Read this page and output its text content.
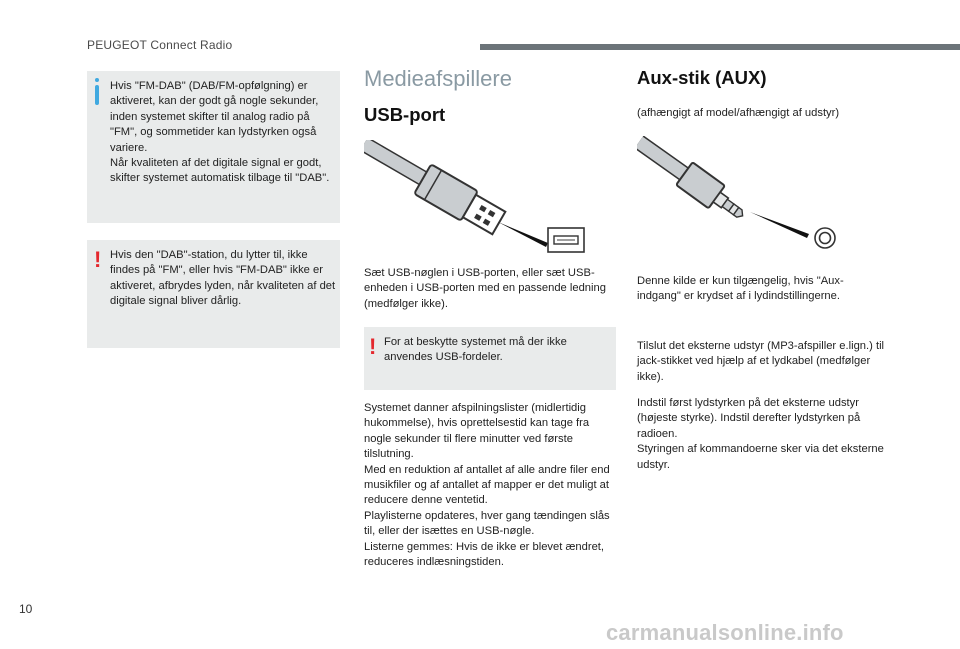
PEUGEOT Connect Radio

Hvis "FM-DAB" (DAB/FM-opfølgning) er aktiveret, kan der godt gå nogle sekunder, inden systemet skifter til analog radio på "FM", og sommetider kan lydstyrken også variere.
Når kvaliteten af det digitale signal er godt, skifter systemet automatisk tilbage til "DAB".

! Hvis den "DAB"-station, du lytter til, ikke findes på "FM", eller hvis "FM-DAB" ikke er aktiveret, afbrydes lyden, når kvaliteten af det digitale signal bliver dårlig.

Medieafspillere
USB-port

Sæt USB-nøglen i USB-porten, eller sæt USB-enheden i USB-porten med en passende ledning (medfølger ikke).

! For at beskytte systemet må der ikke anvendes USB-fordeler.

Systemet danner afspilningslister (midlertidig hukommelse), hvis oprettelsestid kan tage fra nogle sekunder til flere minutter ved første tilslutning.
Med en reduktion af antallet af alle andre filer end musikfiler og af antallet af mapper er det muligt at reducere denne ventetid.
Playlisterne opdateres, hver gang tændingen slås til, eller der isættes en USB-nøgle.
Listerne gemmes: Hvis de ikke er blevet ændret, reduceres indlæsningstiden.

Aux-stik (AUX)

(afhængigt af model/afhængigt af udstyr)

Denne kilde er kun tilgængelig, hvis "Aux-indgang" er krydset af i lydindstillingerne.

Tilslut det eksterne udstyr (MP3-afspiller e.lign.) til jack-stikket ved hjælp af et lydkabel (medfølger ikke).

Indstil først lydstyrken på det eksterne udstyr (højeste styrke). Indstil derefter lydstyrken på radioen.
Styringen af kommandoerne sker via det eksterne udstyr.

10
carmanualsonline.info
